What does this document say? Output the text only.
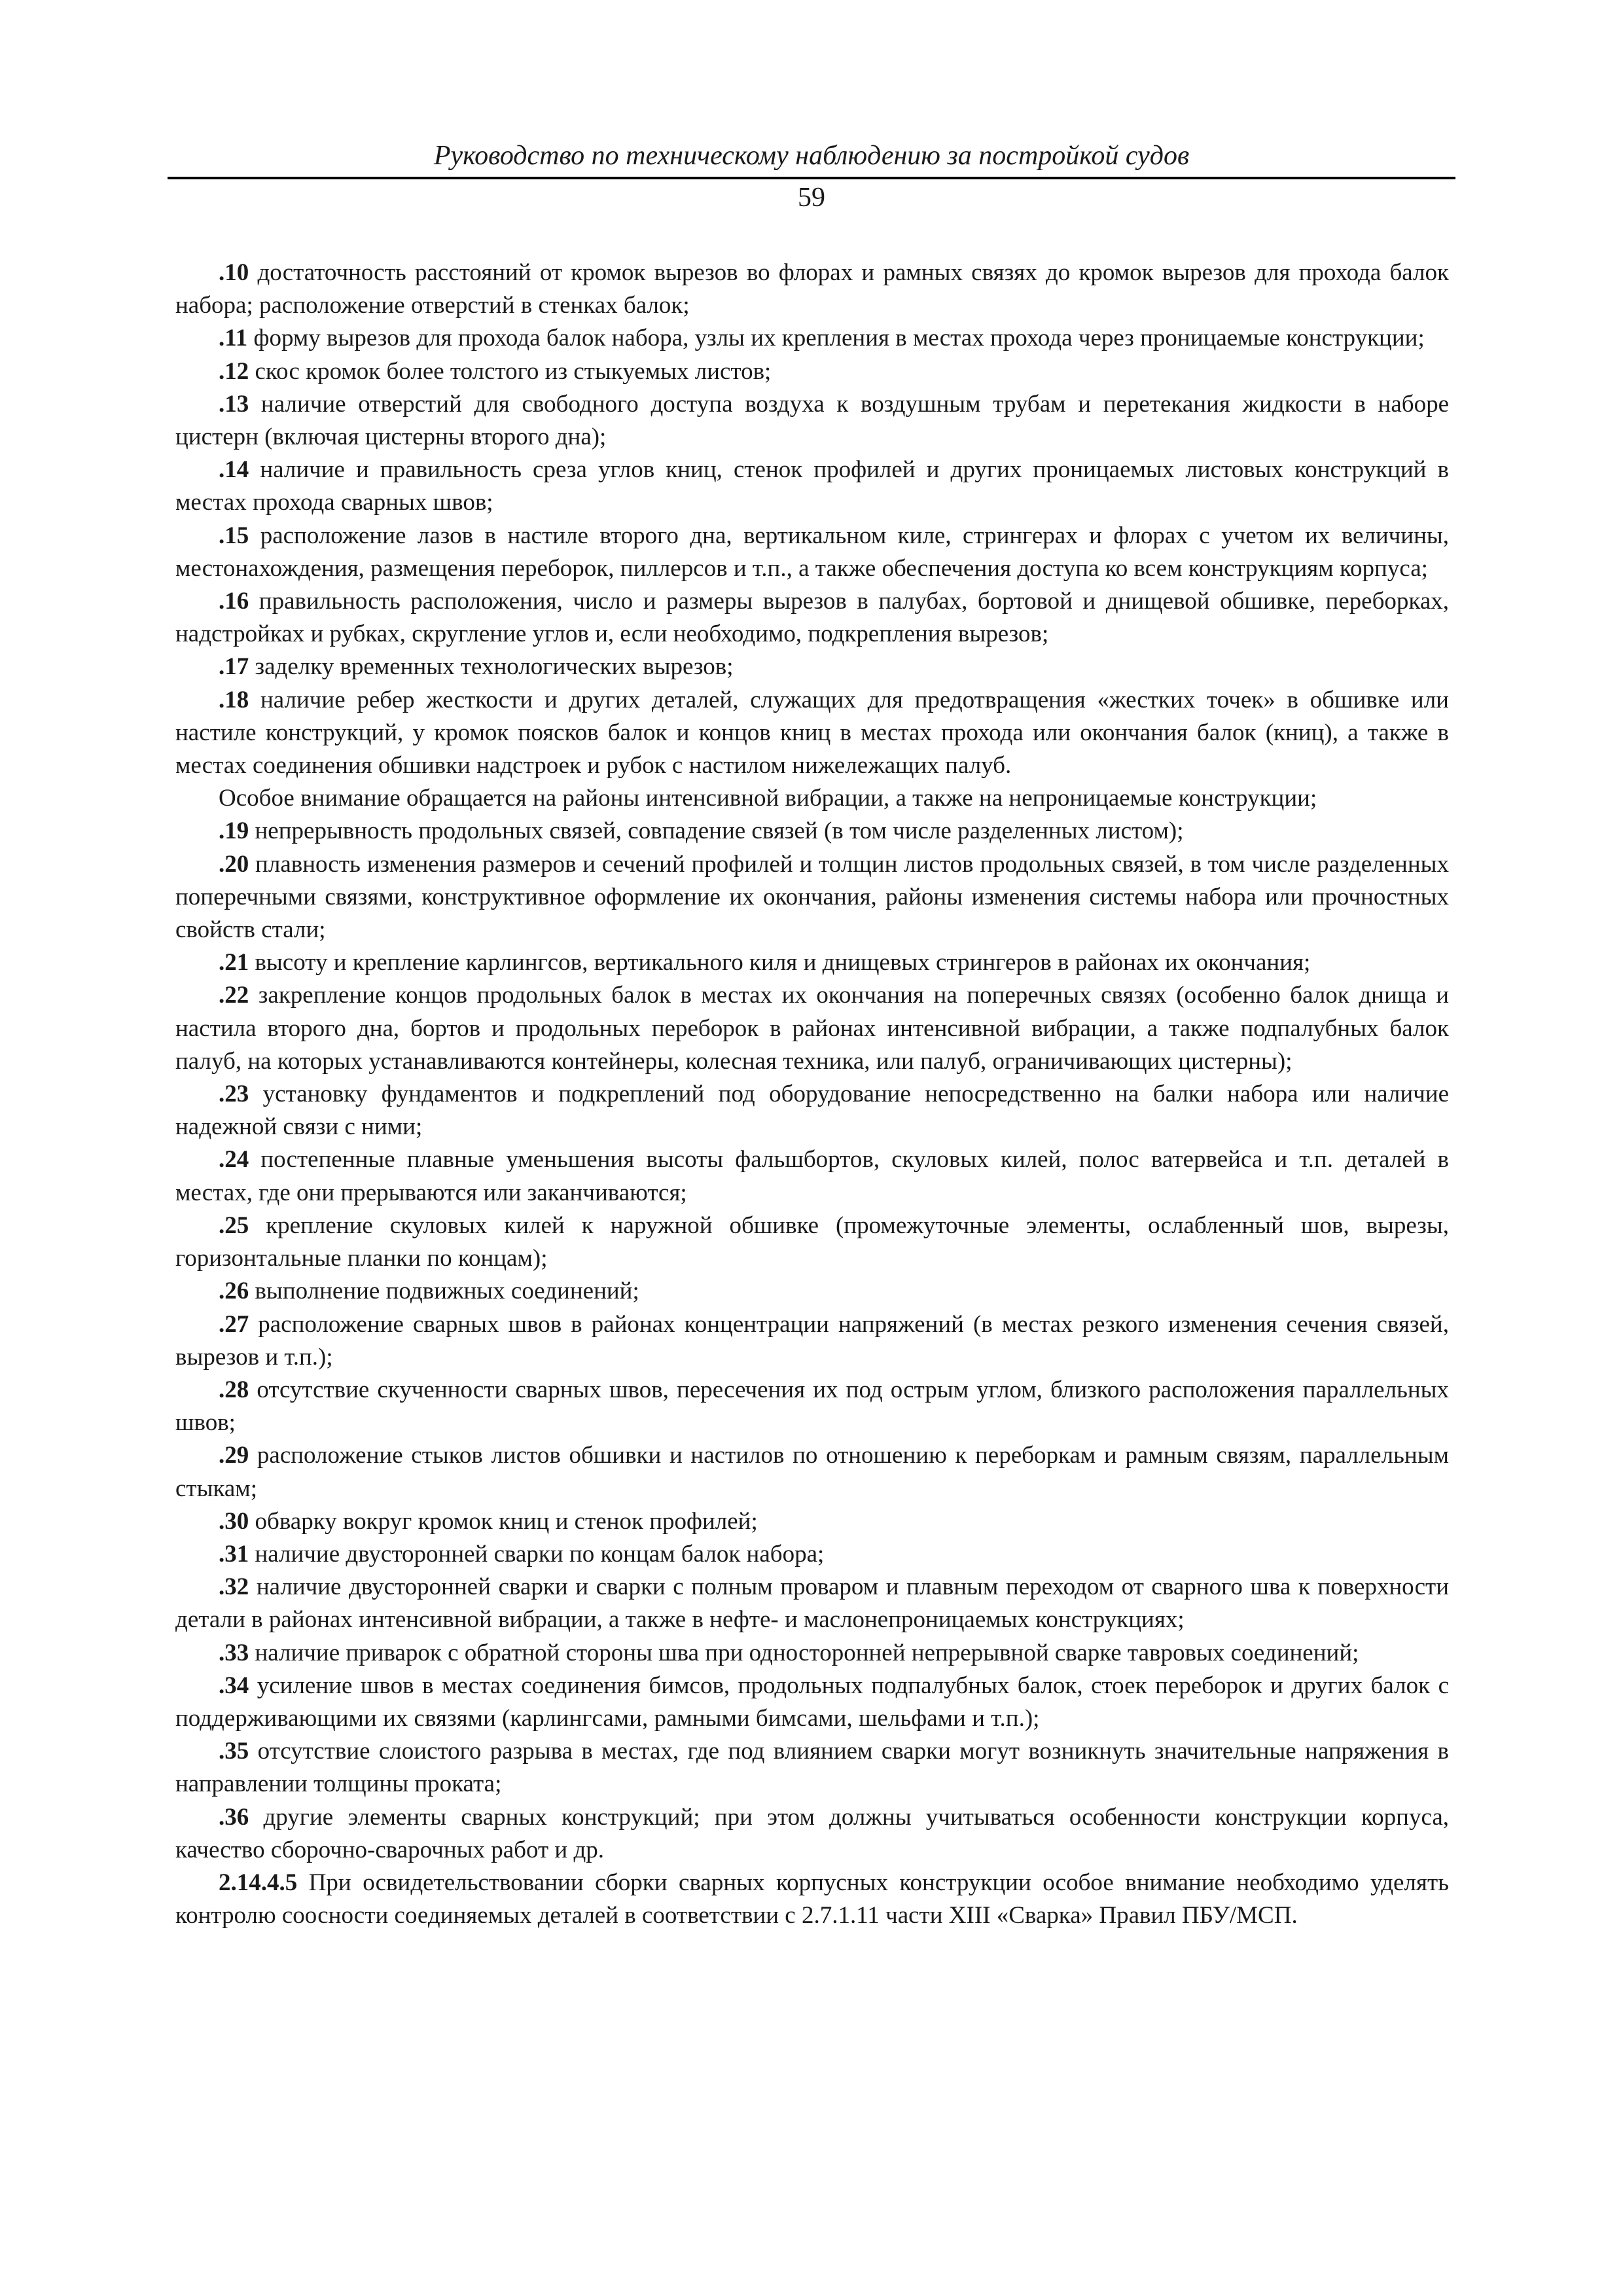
Руководство по техническому наблюдению за постройкой судов
59

.10 достаточность расстояний от кромок вырезов во флорах и рамных связях до кромок вырезов для прохода балок набора; расположение отверстий в стенках балок;

.11 форму вырезов для прохода балок набора, узлы их крепления в местах прохода через проницаемые конструкции;

.12 скос кромок более толстого из стыкуемых листов;

.13 наличие отверстий для свободного доступа воздуха к воздушным трубам и перетекания жидкости в наборе цистерн (включая цистерны второго дна);

.14 наличие и правильность среза углов книц, стенок профилей и других проницаемых листовых конструкций в местах прохода сварных швов;

.15 расположение лазов в настиле второго дна, вертикальном киле, стрингерах и флорах с учетом их величины, местонахождения, размещения переборок, пиллерсов и т.п., а также обеспечения доступа ко всем конструкциям корпуса;

.16 правильность расположения, число и размеры вырезов в палубах, бортовой и днищевой обшивке, переборках, надстройках и рубках, скругление углов и, если необходимо, подкрепления вырезов;

.17 заделку временных технологических вырезов;

.18 наличие ребер жесткости и других деталей, служащих для предотвращения «жестких точек» в обшивке или настиле конструкций, у кромок поясков балок и концов книц в местах прохода или окончания балок (книц), а также в местах соединения обшивки надстроек и рубок с настилом нижележащих палуб.

Особое внимание обращается на районы интенсивной вибрации, а также на непроницаемые конструкции;

.19 непрерывность продольных связей, совпадение связей (в том числе разделенных листом);

.20 плавность изменения размеров и сечений профилей и толщин листов продольных связей, в том числе разделенных поперечными связями, конструктивное оформление их окончания, районы изменения системы набора или прочностных свойств стали;

.21 высоту и крепление карлингсов, вертикального киля и днищевых стрингеров в районах их окончания;

.22 закрепление концов продольных балок в местах их окончания на поперечных связях (особенно балок днища и настила второго дна, бортов и продольных переборок в районах интенсивной вибрации, а также подпалубных балок палуб, на которых устанавливаются контейнеры, колесная техника, или палуб, ограничивающих цистерны);

.23 установку фундаментов и подкреплений под оборудование непосредственно на балки набора или наличие надежной связи с ними;

.24 постепенные плавные уменьшения высоты фальшбортов, скуловых килей, полос ватервейса и т.п. деталей в местах, где они прерываются или заканчиваются;

.25 крепление скуловых килей к наружной обшивке (промежуточные элементы, ослабленный шов, вырезы, горизонтальные планки по концам);

.26 выполнение подвижных соединений;

.27 расположение сварных швов в районах концентрации напряжений (в местах резкого изменения сечения связей, вырезов и т.п.);

.28 отсутствие скученности сварных швов, пересечения их под острым углом, близкого расположения параллельных швов;

.29 расположение стыков листов обшивки и настилов по отношению к переборкам и рамным связям, параллельным стыкам;

.30 обварку вокруг кромок книц и стенок профилей;

.31 наличие двусторонней сварки по концам балок набора;

.32 наличие двусторонней сварки и сварки с полным проваром и плавным переходом от сварного шва к поверхности детали в районах интенсивной вибрации, а также в нефте- и маслонепроницаемых конструкциях;

.33 наличие приварок с обратной стороны шва при односторонней непрерывной сварке тавровых соединений;

.34 усиление швов в местах соединения бимсов, продольных подпалубных балок, стоек переборок и других балок с поддерживающими их связями (карлингсами, рамными бимсами, шельфами и т.п.);

.35 отсутствие слоистого разрыва в местах, где под влиянием сварки могут возникнуть значительные напряжения в направлении толщины проката;

.36 другие элементы сварных конструкций; при этом должны учитываться особенности конструкции корпуса, качество сборочно-сварочных работ и др.

2.14.4.5 При освидетельствовании сборки сварных корпусных конструкции особое внимание необходимо уделять контролю соосности соединяемых деталей в соответствии с 2.7.1.11 части XIII «Сварка» Правил ПБУ/МСП.
